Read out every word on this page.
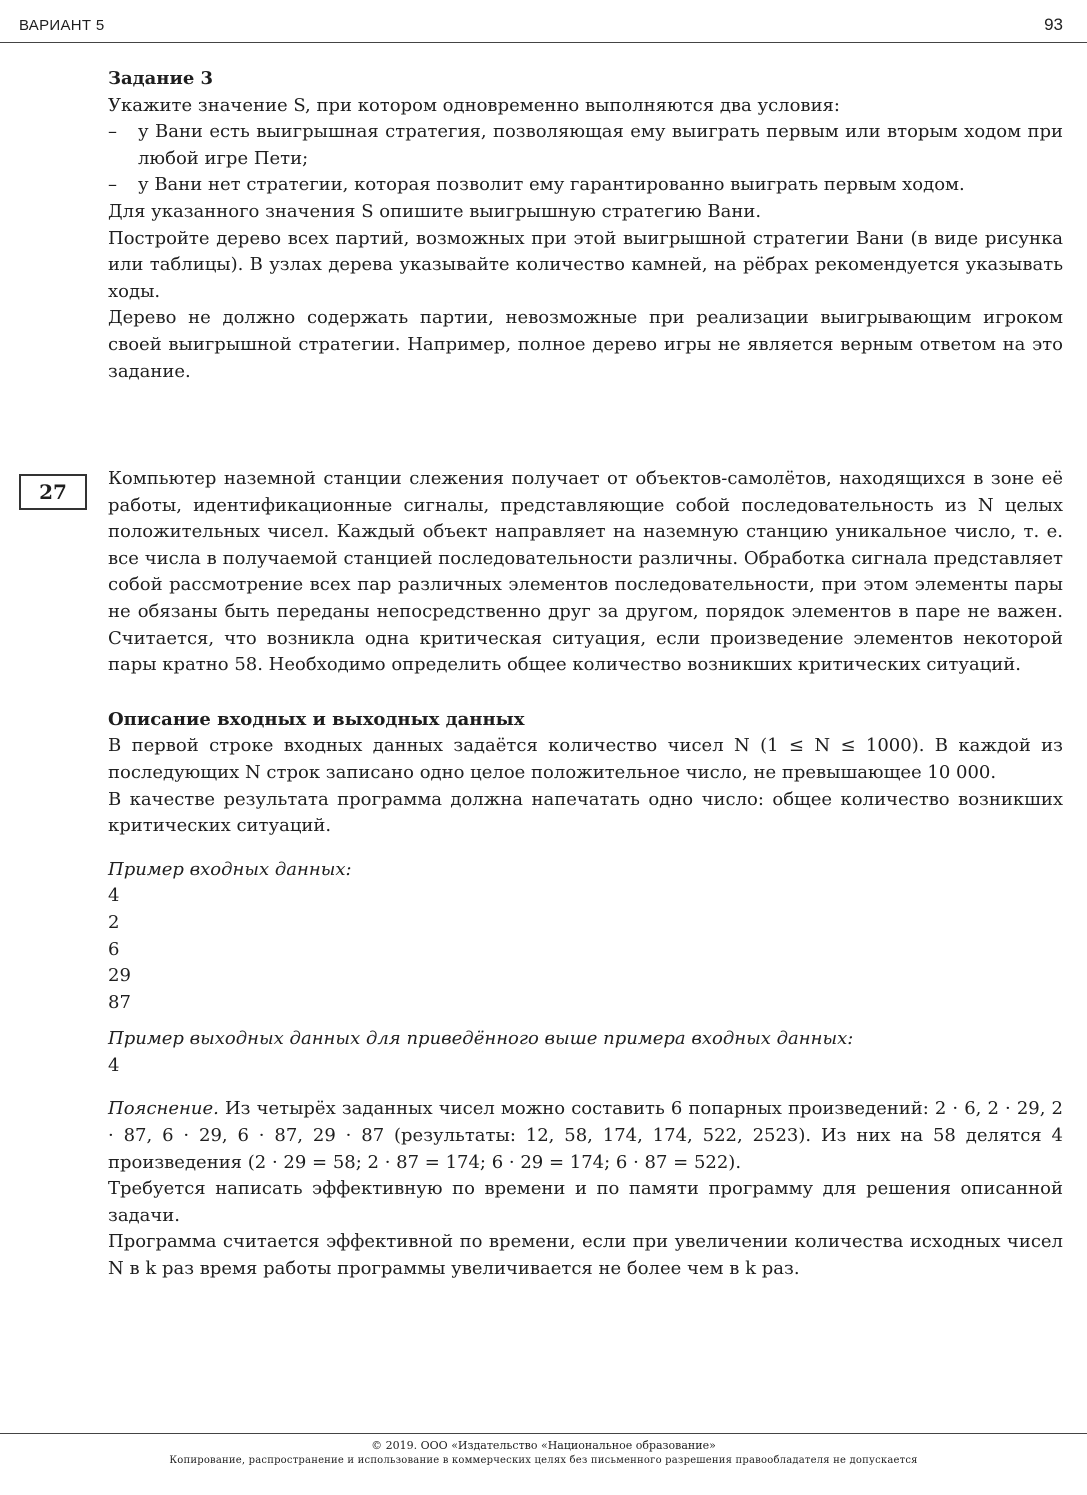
ВАРИАНТ 5	93

Задание 3

Укажите значение S, при котором одновременно выполняются два условия:

– у Вани есть выигрышная стратегия, позволяющая ему выиграть первым или вторым ходом при любой игре Пети;
– у Вани нет стратегии, которая позволит ему гарантированно выиграть первым ходом.

Для указанного значения S опишите выигрышную стратегию Вани.

Постройте дерево всех партий, возможных при этой выигрышной стратегии Вани (в виде рисунка или таблицы). В узлах дерева указывайте количество камней, на рёбрах рекомендуется указывать ходы.

Дерево не должно содержать партии, невозможные при реализации выигрывающим игроком своей выигрышной стратегии. Например, полное дерево игры не является верным ответом на это задание.

27

Компьютер наземной станции слежения получает от объектов-самолётов, находящихся в зоне её работы, идентификационные сигналы, представляющие собой последовательность из N целых положительных чисел. Каждый объект направляет на наземную станцию уникальное число, т. е. все числа в получаемой станцией последовательности различны. Обработка сигнала представляет собой рассмотрение всех пар различных элементов последовательности, при этом элементы пары не обязаны быть переданы непосредственно друг за другом, порядок элементов в паре не важен. Считается, что возникла одна критическая ситуация, если произведение элементов некоторой пары кратно 58. Необходимо определить общее количество возникших критических ситуаций.

Описание входных и выходных данных

В первой строке входных данных задаётся количество чисел N (1 ≤ N ≤ 1000). В каждой из последующих N строк записано одно целое положительное число, не превышающее 10 000.

В качестве результата программа должна напечатать одно число: общее количество возникших критических ситуаций.

Пример входных данных:

4

2

6

29

87

Пример выходных данных для приведённого выше примера входных данных:

4

Пояснение. Из четырёх заданных чисел можно составить 6 попарных произведений: 2 · 6, 2 · 29, 2 · 87, 6 · 29, 6 · 87, 29 · 87 (результаты: 12, 58, 174, 174, 522, 2523). Из них на 58 делятся 4 произведения (2 · 29 = 58; 2 · 87 = 174; 6 · 29 = 174; 6 · 87 = 522).

Требуется написать эффективную по времени и по памяти программу для решения описанной задачи.

Программа считается эффективной по времени, если при увеличении количества исходных чисел N в k раз время работы программы увеличивается не более чем в k раз.

© 2019. ООО «Издательство «Национальное образование»
Копирование, распространение и использование в коммерческих целях без письменного разрешения правообладателя не допускается
